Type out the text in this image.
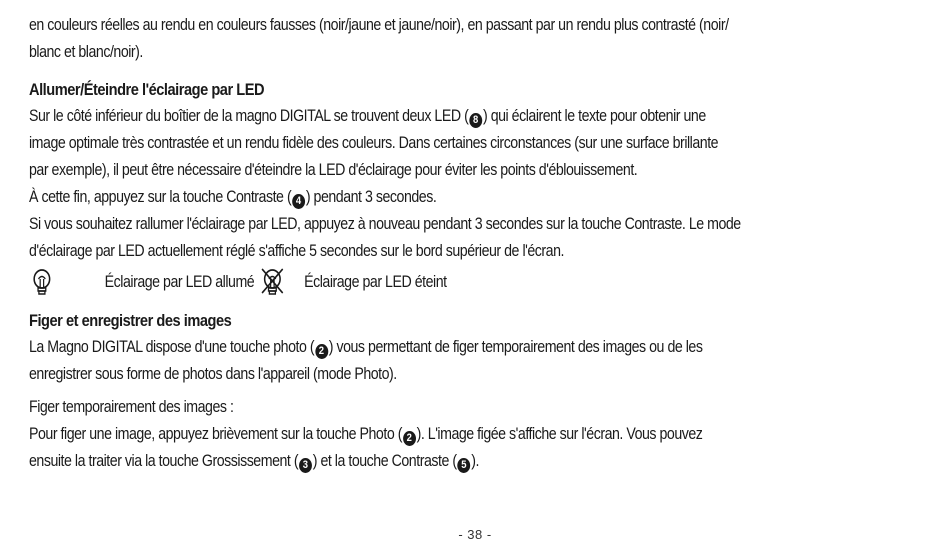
en couleurs réelles au rendu en couleurs fausses (noir/jaune et jaune/noir), en passant par un rendu plus contrasté (noir/
blanc et blanc/noir).

Allumer/Éteindre l'éclairage par LED

Sur le côté inférieur du boîtier de la magno DIGITAL se trouvent deux LED ( 8 ) qui éclairent le texte pour obtenir une
image optimale très contrastée et un rendu fidèle des couleurs. Dans certaines circonstances (sur une surface brillante
par exemple), il peut être nécessaire d'éteindre la LED d'éclairage pour éviter les points d'éblouissement.

À cette fin, appuyez sur la touche Contraste ( 4 ) pendant 3 secondes.

Si vous souhaitez rallumer l'éclairage par LED, appuyez à nouveau pendant 3 secondes sur la touche Contraste. Le mode
d'éclairage par LED actuellement réglé s'affiche 5 secondes sur le bord supérieur de l'écran.

Éclairage par LED allumé	Éclairage par LED éteint

Figer et enregistrer des images

La Magno DIGITAL dispose d'une touche photo ( 2 ) vous permettant de figer temporairement des images ou de les
enregistrer sous forme de photos dans l'appareil (mode Photo).

Figer temporairement des images :

Pour figer une image, appuyez brièvement sur la touche Photo ( 2 ). L'image figée s'affiche sur l'écran. Vous pouvez
ensuite la traiter via la touche Grossissement ( 3 ) et la touche Contraste ( 5 ).

- 38 -
